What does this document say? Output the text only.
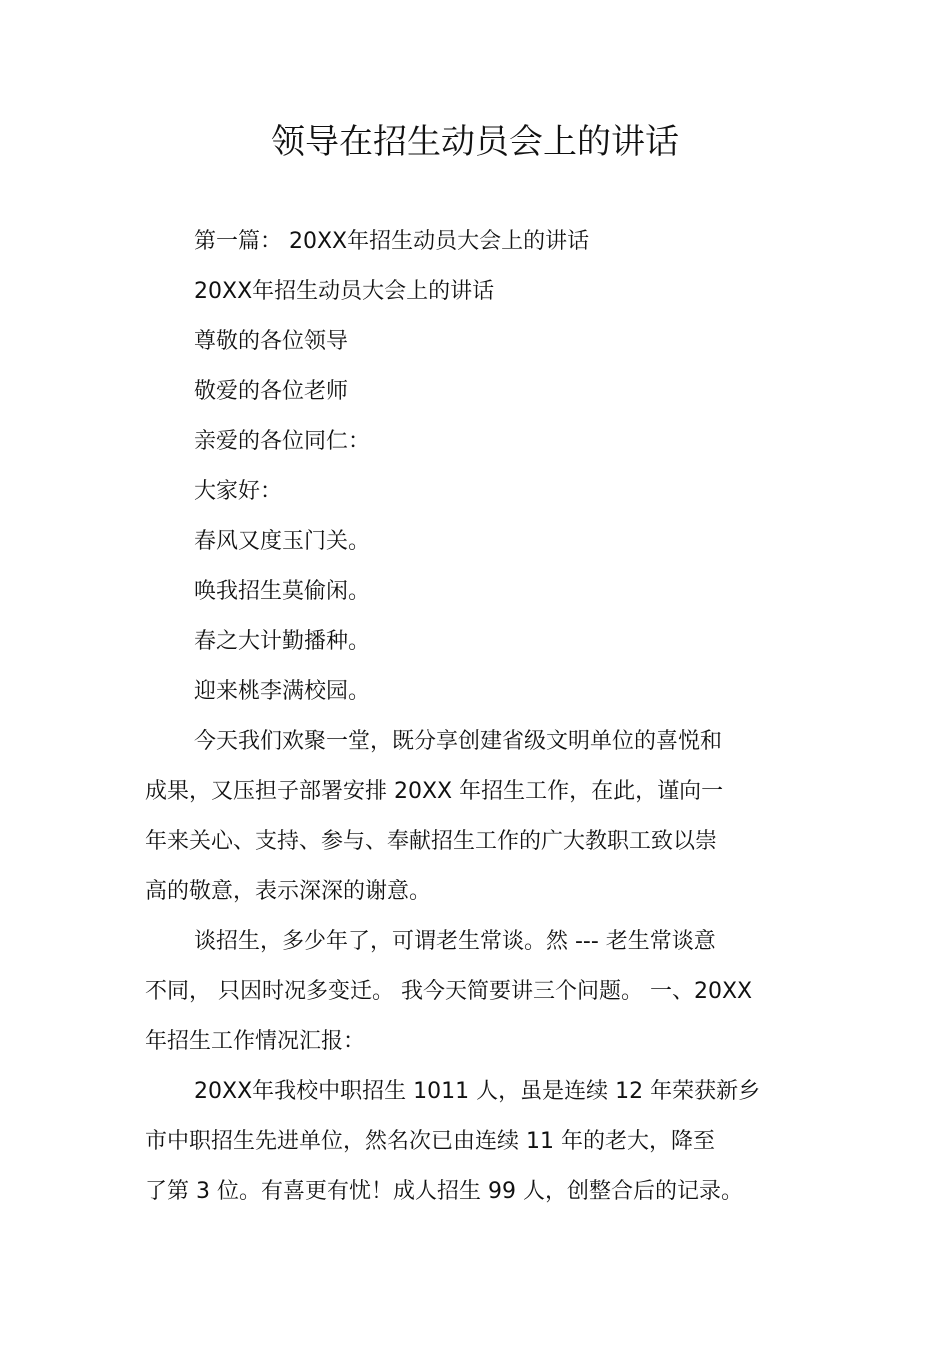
领导在招生动员会上的讲话
第一篇： 20XX年招生动员大会上的讲话
20XX年招生动员大会上的讲话
尊敬的各位领导
敬爱的各位老师
亲爱的各位同仁：
大家好：
春风又度玉门关。
唤我招生莫偷闲。
春之大计勤播种。
迎来桃李满校园。
今天我们欢聚一堂，既分享创建省级文明单位的喜悦和
成果，又压担子部署安排 20XX 年招生工作，在此，谨向一
年来关心、支持、参与、奉献招生工作的广大教职工致以崇
高的敬意，表示深深的谢意。
谈招生，多少年了，可谓老生常谈。然 --- 老生常谈意
不同， 只因时况多变迁。 我今天简要讲三个问题。 一、20XX
年招生工作情况汇报：
20XX年我校中职招生 1011 人，虽是连续 12 年荣获新乡
市中职招生先进单位，然名次已由连续 11 年的老大，降至
了第 3 位。有喜更有忧！成人招生 99 人，创整合后的记录。
